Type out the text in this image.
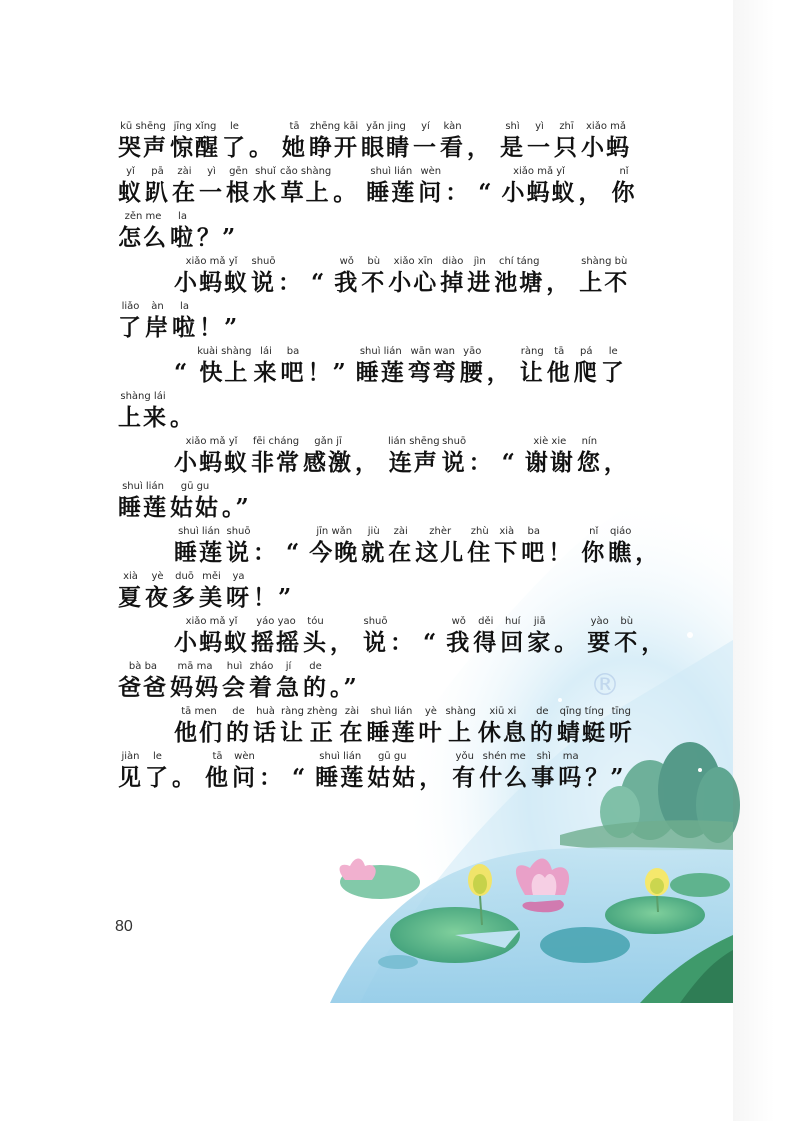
®
kū shēng
哭声
jīng xǐng
惊醒
le
了 。
tā
她
zhēng kāi
睁开
yǎn jing
眼睛
yí
一
kàn
看 ，
shì
是
yì
一
zhī
只
xiǎo mǎ
小蚂
yǐ
蚁
pā
趴
zài
在
yì
一
gēn
根
shuǐ
水
cǎo shàng
草上 。
shuì lián
睡莲
wèn
问 ： “
xiǎo mǎ yǐ
小蚂蚁 ，
nǐ
你
zěn me
怎么
la
啦 ？”
xiǎo mǎ yǐ
小蚂蚁
shuō
说 ： “
wǒ
我
bù
不
xiǎo xīn
小心
diào
掉
jìn
进
chí táng
池塘 ，
shàng bù
上不
liǎo
了
àn
岸
la
啦 ！”
“
kuài shàng
快上
lái
来
ba
吧 ！”
shuì lián
睡莲
wān wan
弯弯
yāo
腰 ，
ràng
让
tā
他
pá
爬
le
了
shàng lái
上来 。
xiǎo mǎ yǐ
小蚂蚁
fēi cháng
非常
gǎn jī
感激 ，
lián shēng
连声
shuō
说 ： “
xiè xie
谢谢
nín
您 ，
shuì lián
睡莲
gū gu
姑姑 。”
shuì lián
睡莲
shuō
说 ： “
jīn wǎn
今晚
jiù
就
zài
在
zhèr
这儿
zhù
住
xià
下
ba
吧 ！
nǐ
你
qiáo
瞧 ，
xià
夏
yè
夜
duō
多
měi
美
ya
呀 ！”
xiǎo mǎ yǐ
小蚂蚁
yáo yao
摇摇
tóu
头 ，
shuō
说 ： “
wǒ
我
děi
得
huí
回
jiā
家 。
yào
要
bù
不 ，
bà ba
爸爸
mā ma
妈妈
huì
会
zháo
着
jí
急
de
的 。”
tā men
他们
de
的
huà
话
ràng
让
zhèng
正
zài
在
shuì lián
睡莲
yè
叶
shàng
上
xiū xi
休息
de
的
qīng tíng
蜻蜓
tīng
听
jiàn
见
le
了 。
tā
他
wèn
问 ： “
shuì lián
睡莲
gū gu
姑姑 ，
yǒu
有
shén me
什么
shì
事
ma
吗 ？”
80
